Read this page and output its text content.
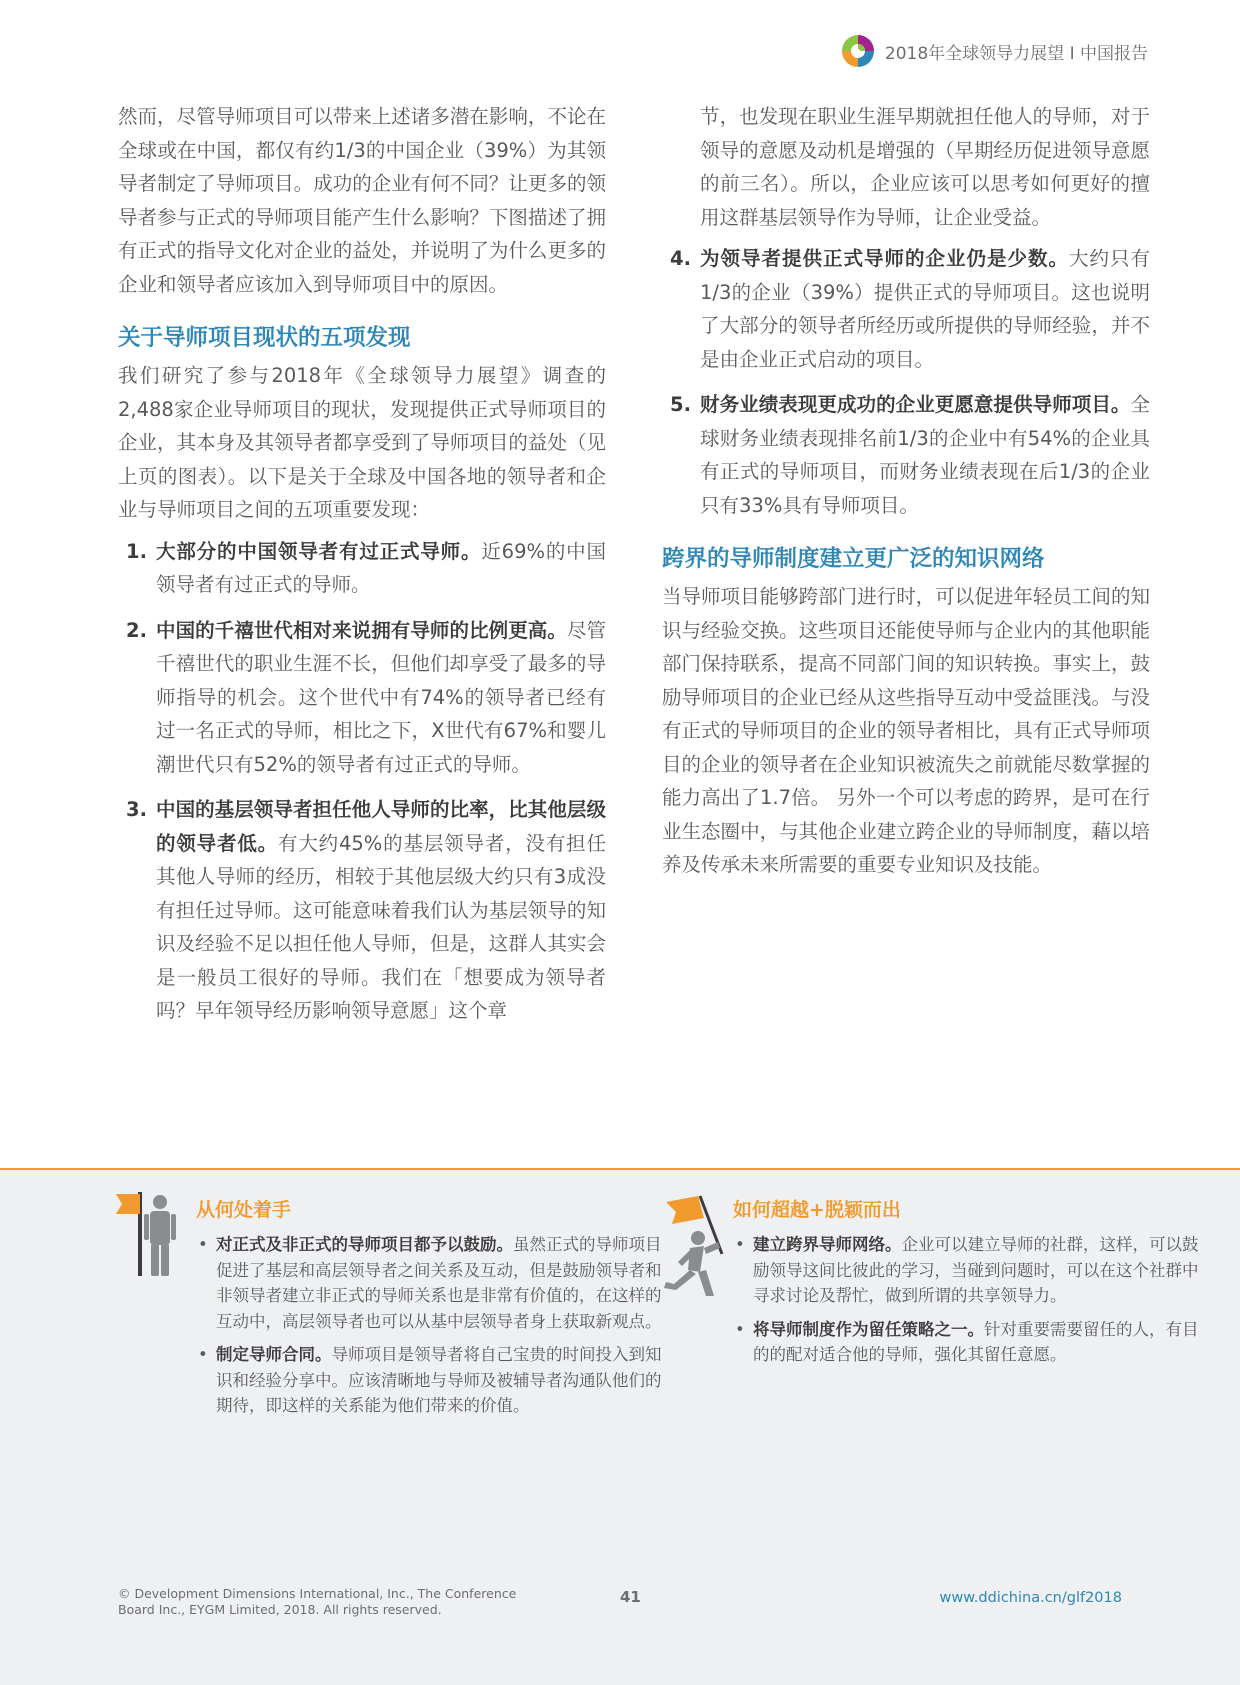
2018年全球领导力展望 I 中国报告

然而，尽管导师项目可以带来上述诸多潜在影响，不论在全球或在中国，都仅有约1/3的中国企业（39%）为其领导者制定了导师项目。成功的企业有何不同？让更多的领导者参与正式的导师项目能产生什么影响？下图描述了拥有正式的指导文化对企业的益处，并说明了为什么更多的企业和领导者应该加入到导师项目中的原因。

关于导师项目现状的五项发现

我们研究了参与2018年《全球领导力展望》调查的2,488家企业导师项目的现状，发现提供正式导师项目的企业，其本身及其领导者都享受到了导师项目的益处（见上页的图表）。以下是关于全球及中国各地的领导者和企业与导师项目之间的五项重要发现：

1. 大部分的中国领导者有过正式导师。近69%的中国领导者有过正式的导师。
2. 中国的千禧世代相对来说拥有导师的比例更高。尽管千禧世代的职业生涯不长，但他们却享受了最多的导师指导的机会。这个世代中有74%的领导者已经有过一名正式的导师，相比之下，X世代有67%和婴儿潮世代只有52%的领导者有过正式的导师。
3. 中国的基层领导者担任他人导师的比率，比其他层级的领导者低。有大约45%的基层领导者，没有担任其他人导师的经历，相较于其他层级大约只有3成没有担任过导师。这可能意味着我们认为基层领导的知识及经验不足以担任他人导师，但是，这群人其实会是一般员工很好的导师。我们在「想要成为领导者吗？早年领导经历影响领导意愿」这个章
节，也发现在职业生涯早期就担任他人的导师，对于领导的意愿及动机是增强的（早期经历促进领导意愿的前三名）。所以，企业应该可以思考如何更好的擅用这群基层领导作为导师，让企业受益。
4. 为领导者提供正式导师的企业仍是少数。大约只有1/3的企业（39%）提供正式的导师项目。这也说明了大部分的领导者所经历或所提供的导师经验，并不是由企业正式启动的项目。
5. 财务业绩表现更成功的企业更愿意提供导师项目。全球财务业绩表现排名前1/3的企业中有54%的企业具有正式的导师项目，而财务业绩表现在后1/3的企业只有33%具有导师项目。
跨界的导师制度建立更广泛的知识网络

当导师项目能够跨部门进行时，可以促进年轻员工间的知识与经验交换。这些项目还能使导师与企业内的其他职能部门保持联系，提高不同部门间的知识转换。事实上，鼓励导师项目的企业已经从这些指导互动中受益匪浅。与没有正式的导师项目的企业的领导者相比，具有正式导师项目的企业的领导者在企业知识被流失之前就能尽数掌握的能力高出了1.7倍。 另外一个可以考虑的跨界，是可在行业生态圈中，与其他企业建立跨企业的导师制度，藉以培养及传承未来所需要的重要专业知识及技能。

从何处着手
• 对正式及非正式的导师项目都予以鼓励。虽然正式的导师项目促进了基层和高层领导者之间关系及互动，但是鼓励领导者和非领导者建立非正式的导师关系也是非常有价值的，在这样的互动中，高层领导者也可以从基中层领导者身上获取新观点。
• 制定导师合同。导师项目是领导者将自己宝贵的时间投入到知识和经验分享中。应该清晰地与导师及被辅导者沟通队他们的期待，即这样的关系能为他们带来的价值。
如何超越+脱颖而出
• 建立跨界导师网络。企业可以建立导师的社群，这样，可以鼓励领导这间比彼此的学习，当碰到问题时，可以在这个社群中寻求讨论及帮忙，做到所谓的共享领导力。
• 将导师制度作为留任策略之一。针对重要需要留任的人，有目的的配对适合他的导师，强化其留任意愿。
© Development Dimensions International, Inc., The Conference Board Inc., EYGM Limited, 2018. All rights reserved.
41	www.ddichina.cn/glf2018
